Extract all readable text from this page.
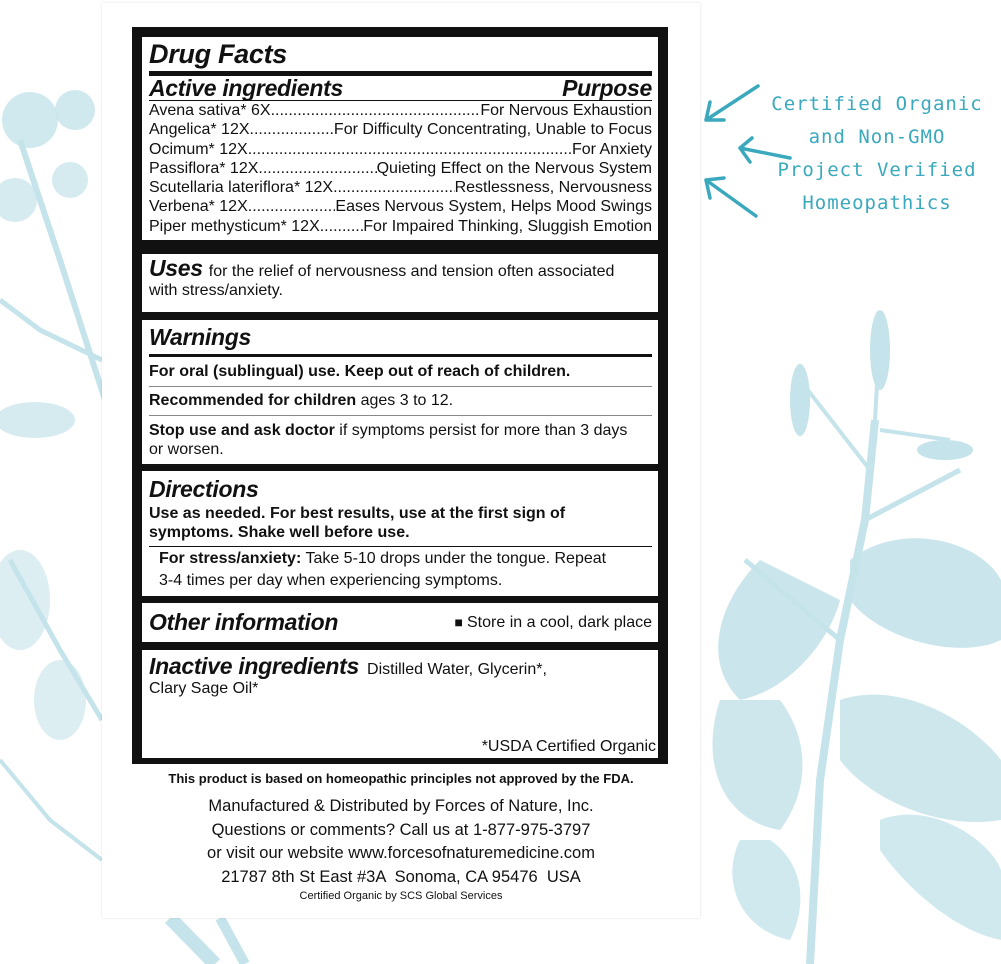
Certified Organic
and Non-GMO
Project Verified
Homeopathics
Drug Facts
Active ingredients	Purpose
Avena sativa* 6X .....	For Nervous Exhaustion
Angelica* 12X .....	For Difficulty Concentrating, Unable to Focus
Ocimum* 12X .....	For Anxiety
Passiflora* 12X .....	Quieting Effect on the Nervous System
Scutellaria lateriflora* 12X .....	Restlessness, Nervousness
Verbena* 12X .....	Eases Nervous System, Helps Mood Swings
Piper methysticum* 12X .....	For Impaired Thinking, Sluggish Emotion
Uses for the relief of nervousness and tension often associated
with stress/anxiety.
Warnings
For oral (sublingual) use. Keep out of reach of children.
Recommended for children ages 3 to 12.
Stop use and ask doctor if symptoms persist for more than 3 days
or worsen.
Directions
Use as needed. For best results, use at the first sign of
symptoms. Shake well before use.
For stress/anxiety: Take 5-10 drops under the tongue. Repeat
3-4 times per day when experiencing symptoms.
Other information	■ Store in a cool, dark place
Inactive ingredients Distilled Water, Glycerin*,
Clary Sage Oil*
*USDA Certified Organic
This product is based on homeopathic principles not approved by the FDA.
Manufactured & Distributed by Forces of Nature, Inc.
Questions or comments? Call us at 1-877-975-3797
or visit our website www.forcesofnaturemedicine.com
21787 8th St East #3A  Sonoma, CA 95476  USA
Certified Organic by SCS Global Services
